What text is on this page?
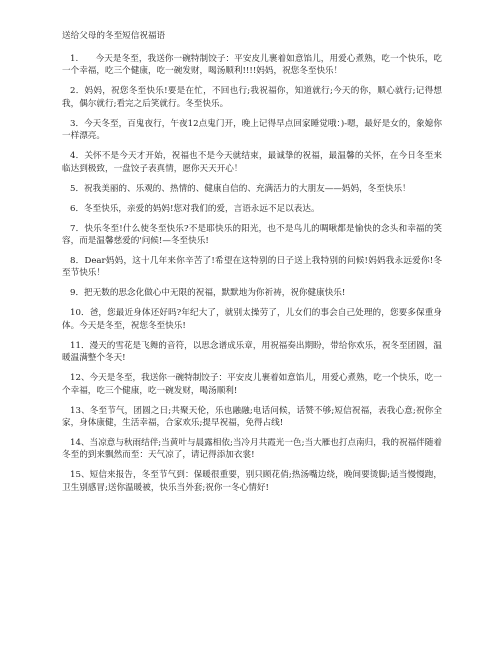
送给父母的冬至短信祝福语

1.　　今天是冬至，我送你一碗特制饺子：平安皮儿裹着如意馅儿，用爱心煮熟，吃一个快乐，吃一个幸福，吃三个健康，吃一碗发财，喝汤顺利!!!!妈妈，祝您冬至快乐！

2．妈妈，祝您冬至快乐!要是在忙，不回也行;我祝福你，知道就行;今天的你，顺心就行;记得想我，偶尔就行;看完之后笑就行。冬至快乐。

3．今天冬至，百鬼夜行，午夜12点鬼门开，晚上记得早点回家睡觉哦：)-嗯，最好是女的，象媳你一样漂亮。

4．关怀不是今天才开始，祝福也不是今天就结束，最诚挚的祝福，最温馨的关怀，在今日冬至来临达到极致，一盘饺子表真情，愿你天天开心！

5．祝我美丽的、乐观的、热情的、健康自信的、充满活力的大朋友——妈妈，冬至快乐！

6．冬至快乐，亲爱的妈妈!您对我们的爱，言语永远不足以表达。

7．快乐冬至!什么使冬至快乐?不是耶快乐的阳光，也不是鸟儿的啁啾都是愉快的念头和幸福的笑容，而是温馨慈爱的'问候!—冬至快乐!

8．Dear妈妈，这十几年来你辛苦了!希望在这特别的日子送上我特别的问候!妈妈我永远爱你!冬至节快乐！

9．把无数的思念化做心中无限的祝福，默默地为你祈祷，祝你健康快乐!

10．爸，您最近身体还好吗?年纪大了，就别太操劳了，儿女们的事会自己处理的，您要多保重身体。今天是冬至，祝您冬至快乐!

11．漫天的雪花是飞舞的音符，以思念谱成乐章，用祝福奏出期盼，带给你欢乐，祝冬至团圆，温暖温满整个冬天!

12、今天是冬至，我送你一碗特制饺子：平安皮儿裹着如意馅儿，用爱心煮熟，吃一个快乐，吃一个幸福，吃三个健康，吃一碗发财，喝汤顺利!

13、冬至节气，团圆之日;共聚天伦，乐也融融;电话问候，话赞不够;短信祝福，表我心意;祝你全家，身体康健，生活幸福，合家欢乐;提早祝福，免得占线!

14、当凉意与秋雨结伴;当黄叶与晨露相依;当冷月共霞光一色;当大雁也打点南归，我的祝福伴随着冬至的到来飘然而至：天气凉了，请记得添加衣裳!

15、短信来报告，冬至节气到：保暖很重要，别只顾花俏;热汤嘴边绕，晚间要烫脚;适当慢慢跑，卫生别感冒;送你温暖被，快乐当外套;祝你一冬心情好!
